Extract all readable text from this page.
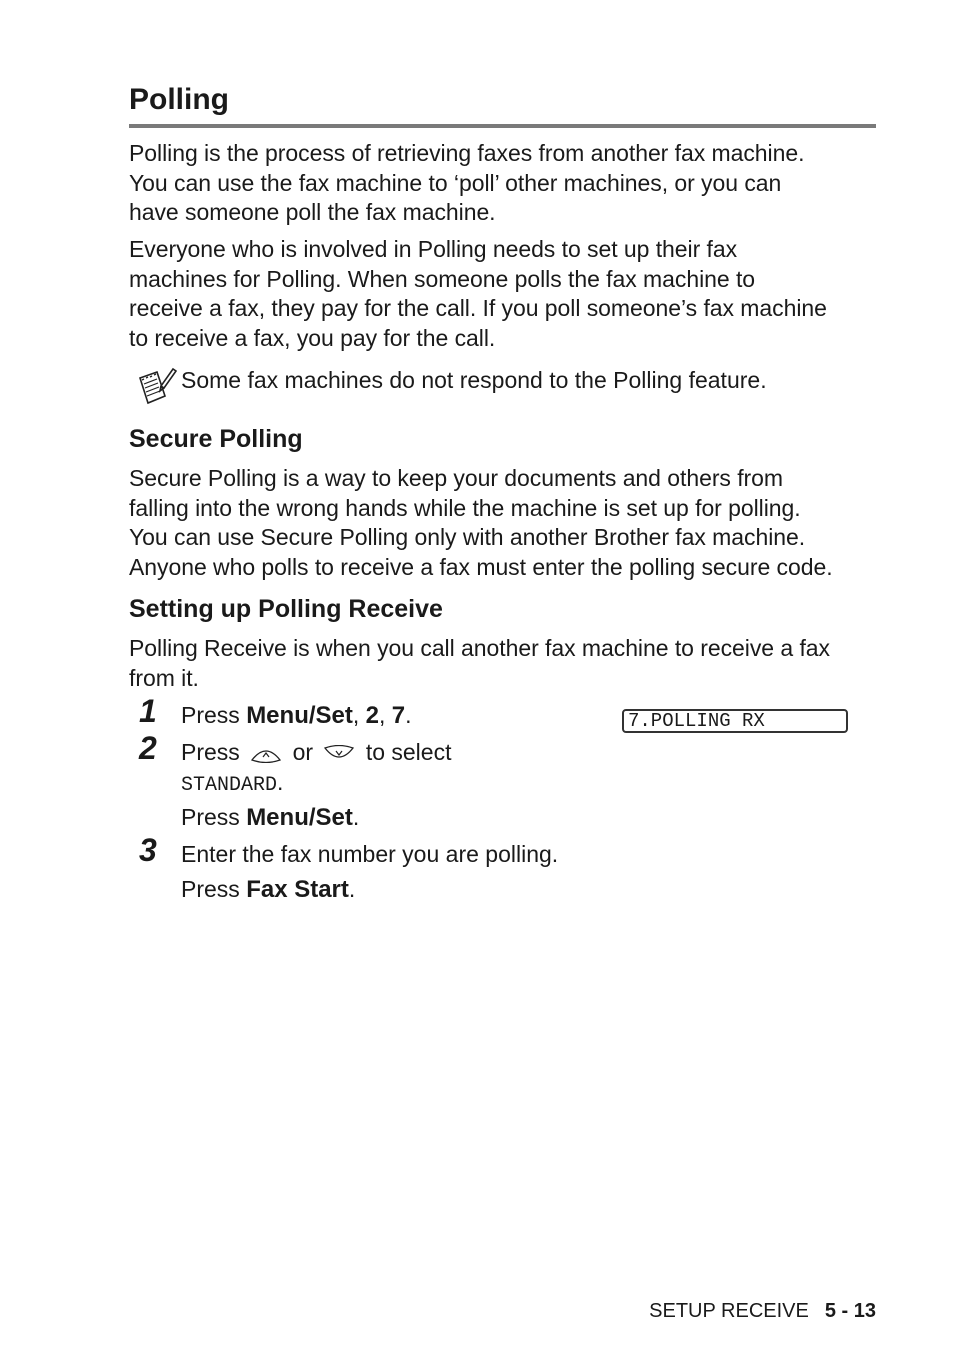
Polling

Polling is the process of retrieving faxes from another fax machine.
You can use the fax machine to ‘poll’ other machines, or you can
have someone poll the fax machine.

Everyone who is involved in Polling needs to set up their fax
machines for Polling. When someone polls the fax machine to
receive a fax, they pay for the call. If you poll someone’s fax machine
to receive a fax, you pay for the call.

Some fax machines do not respond to the Polling feature.
Secure Polling

Secure Polling is a way to keep your documents and others from
falling into the wrong hands while the machine is set up for polling.
You can use Secure Polling only with another Brother fax machine.
Anyone who polls to receive a fax must enter the polling secure code.

Setting up Polling Receive

Polling Receive is when you call another fax machine to receive a fax
from it.

1 Press Menu/Set, 2, 7.	7.POLLING RX
2 Press or to select
STANDARD.
Press Menu/Set.
3 Enter the fax number you are polling.
Press Fax Start.
SETUP RECEIVE 5 - 13
